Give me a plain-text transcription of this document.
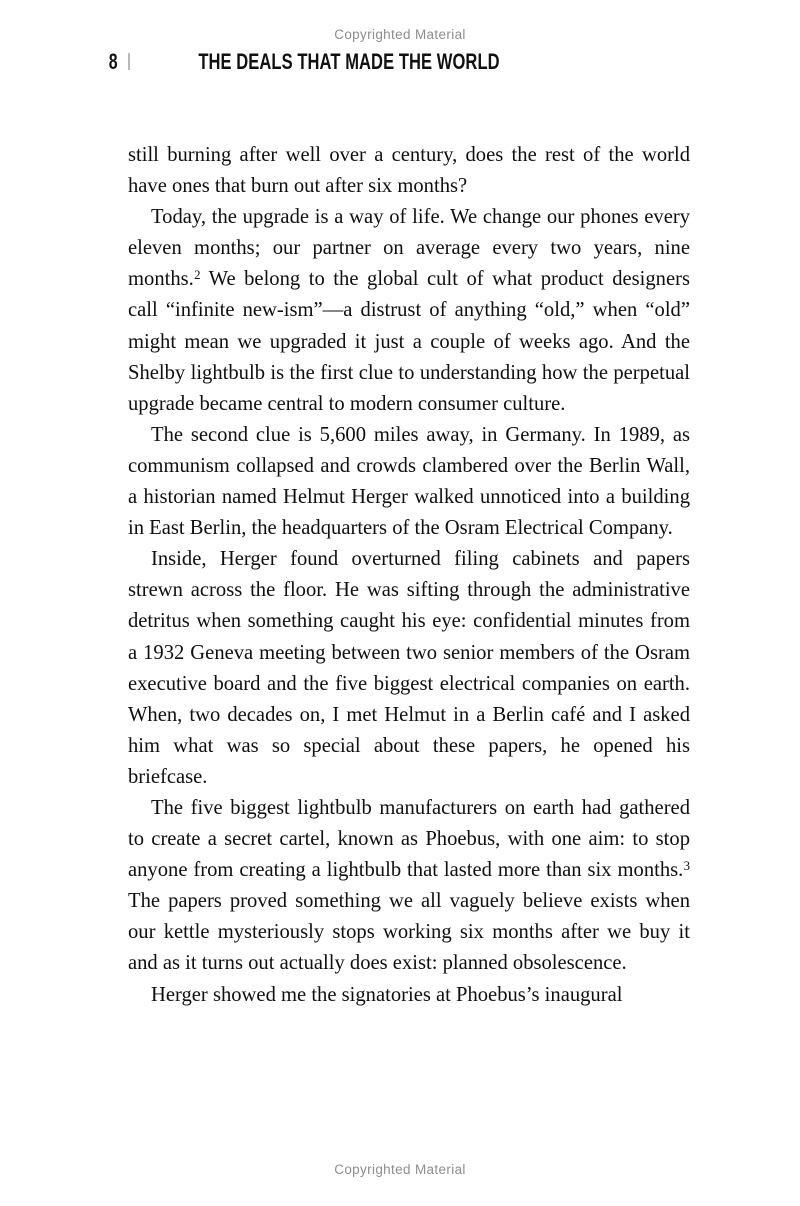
Copyrighted Material
8	THE DEALS THAT MADE THE WORLD

still burning after well over a century, does the rest of the world have ones that burn out after six months?

Today, the upgrade is a way of life. We change our phones every eleven months; our partner on average every two years, nine months.$^2$ We belong to the global cult of what product designers call “infinite new-ism”—a distrust of anything “old,” when “old” might mean we upgraded it just a couple of weeks ago. And the Shelby lightbulb is the first clue to understanding how the perpetual upgrade became central to modern consumer culture.

The second clue is 5,600 miles away, in Germany. In 1989, as communism collapsed and crowds clambered over the Berlin Wall, a historian named Helmut Herger walked unnoticed into a building in East Berlin, the headquarters of the Osram Electrical Company.

Inside, Herger found overturned filing cabinets and papers strewn across the floor. He was sifting through the administrative detritus when something caught his eye: confidential minutes from a 1932 Geneva meeting between two senior members of the Osram executive board and the five biggest electrical companies on earth. When, two decades on, I met Helmut in a Berlin café and I asked him what was so special about these papers, he opened his briefcase.

The five biggest lightbulb manufacturers on earth had gathered to create a secret cartel, known as Phoebus, with one aim: to stop anyone from creating a lightbulb that lasted more than six months.$^3$ The papers proved something we all vaguely believe exists when our kettle mysteriously stops working six months after we buy it and as it turns out actually does exist: planned obsolescence.

Herger showed me the signatories at Phoebus’s inaugural

Copyrighted Material
